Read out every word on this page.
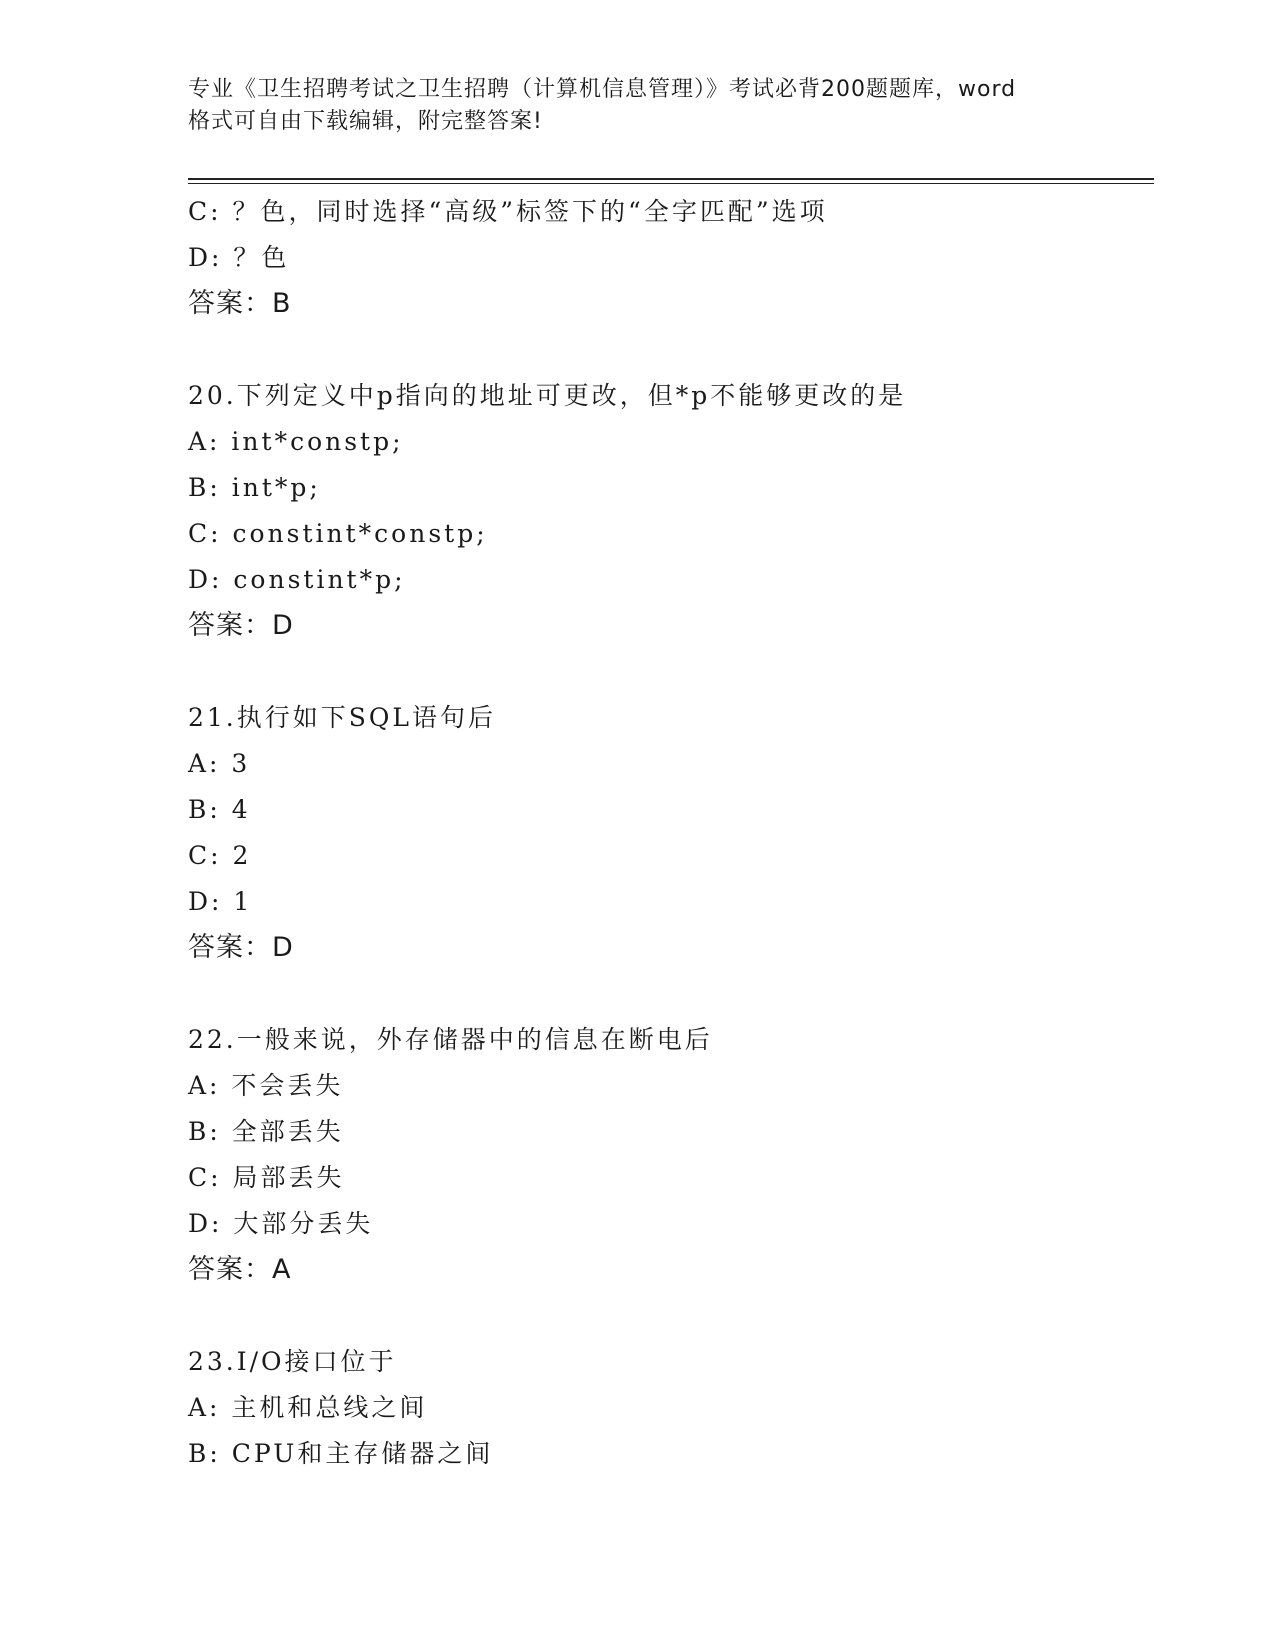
专业《卫生招聘考试之卫生招聘（计算机信息管理）》考试必背200题题库，word
格式可自由下载编辑，附完整答案!
C: ？色，同时选择“高级”标签下的“全字匹配”选项
D: ？色
答案：B
20.下列定义中p指向的地址可更改，但*p不能够更改的是
A: int*constp;
B: int*p;
C: constint*constp;
D: constint*p;
答案：D
21.执行如下SQL语句后
A: 3
B: 4
C: 2
D: 1
答案：D
22.一般来说，外存储器中的信息在断电后
A: 不会丢失
B: 全部丢失
C: 局部丢失
D: 大部分丢失
答案：A
23.I/O接口位于
A: 主机和总线之间
B: CPU和主存储器之间
